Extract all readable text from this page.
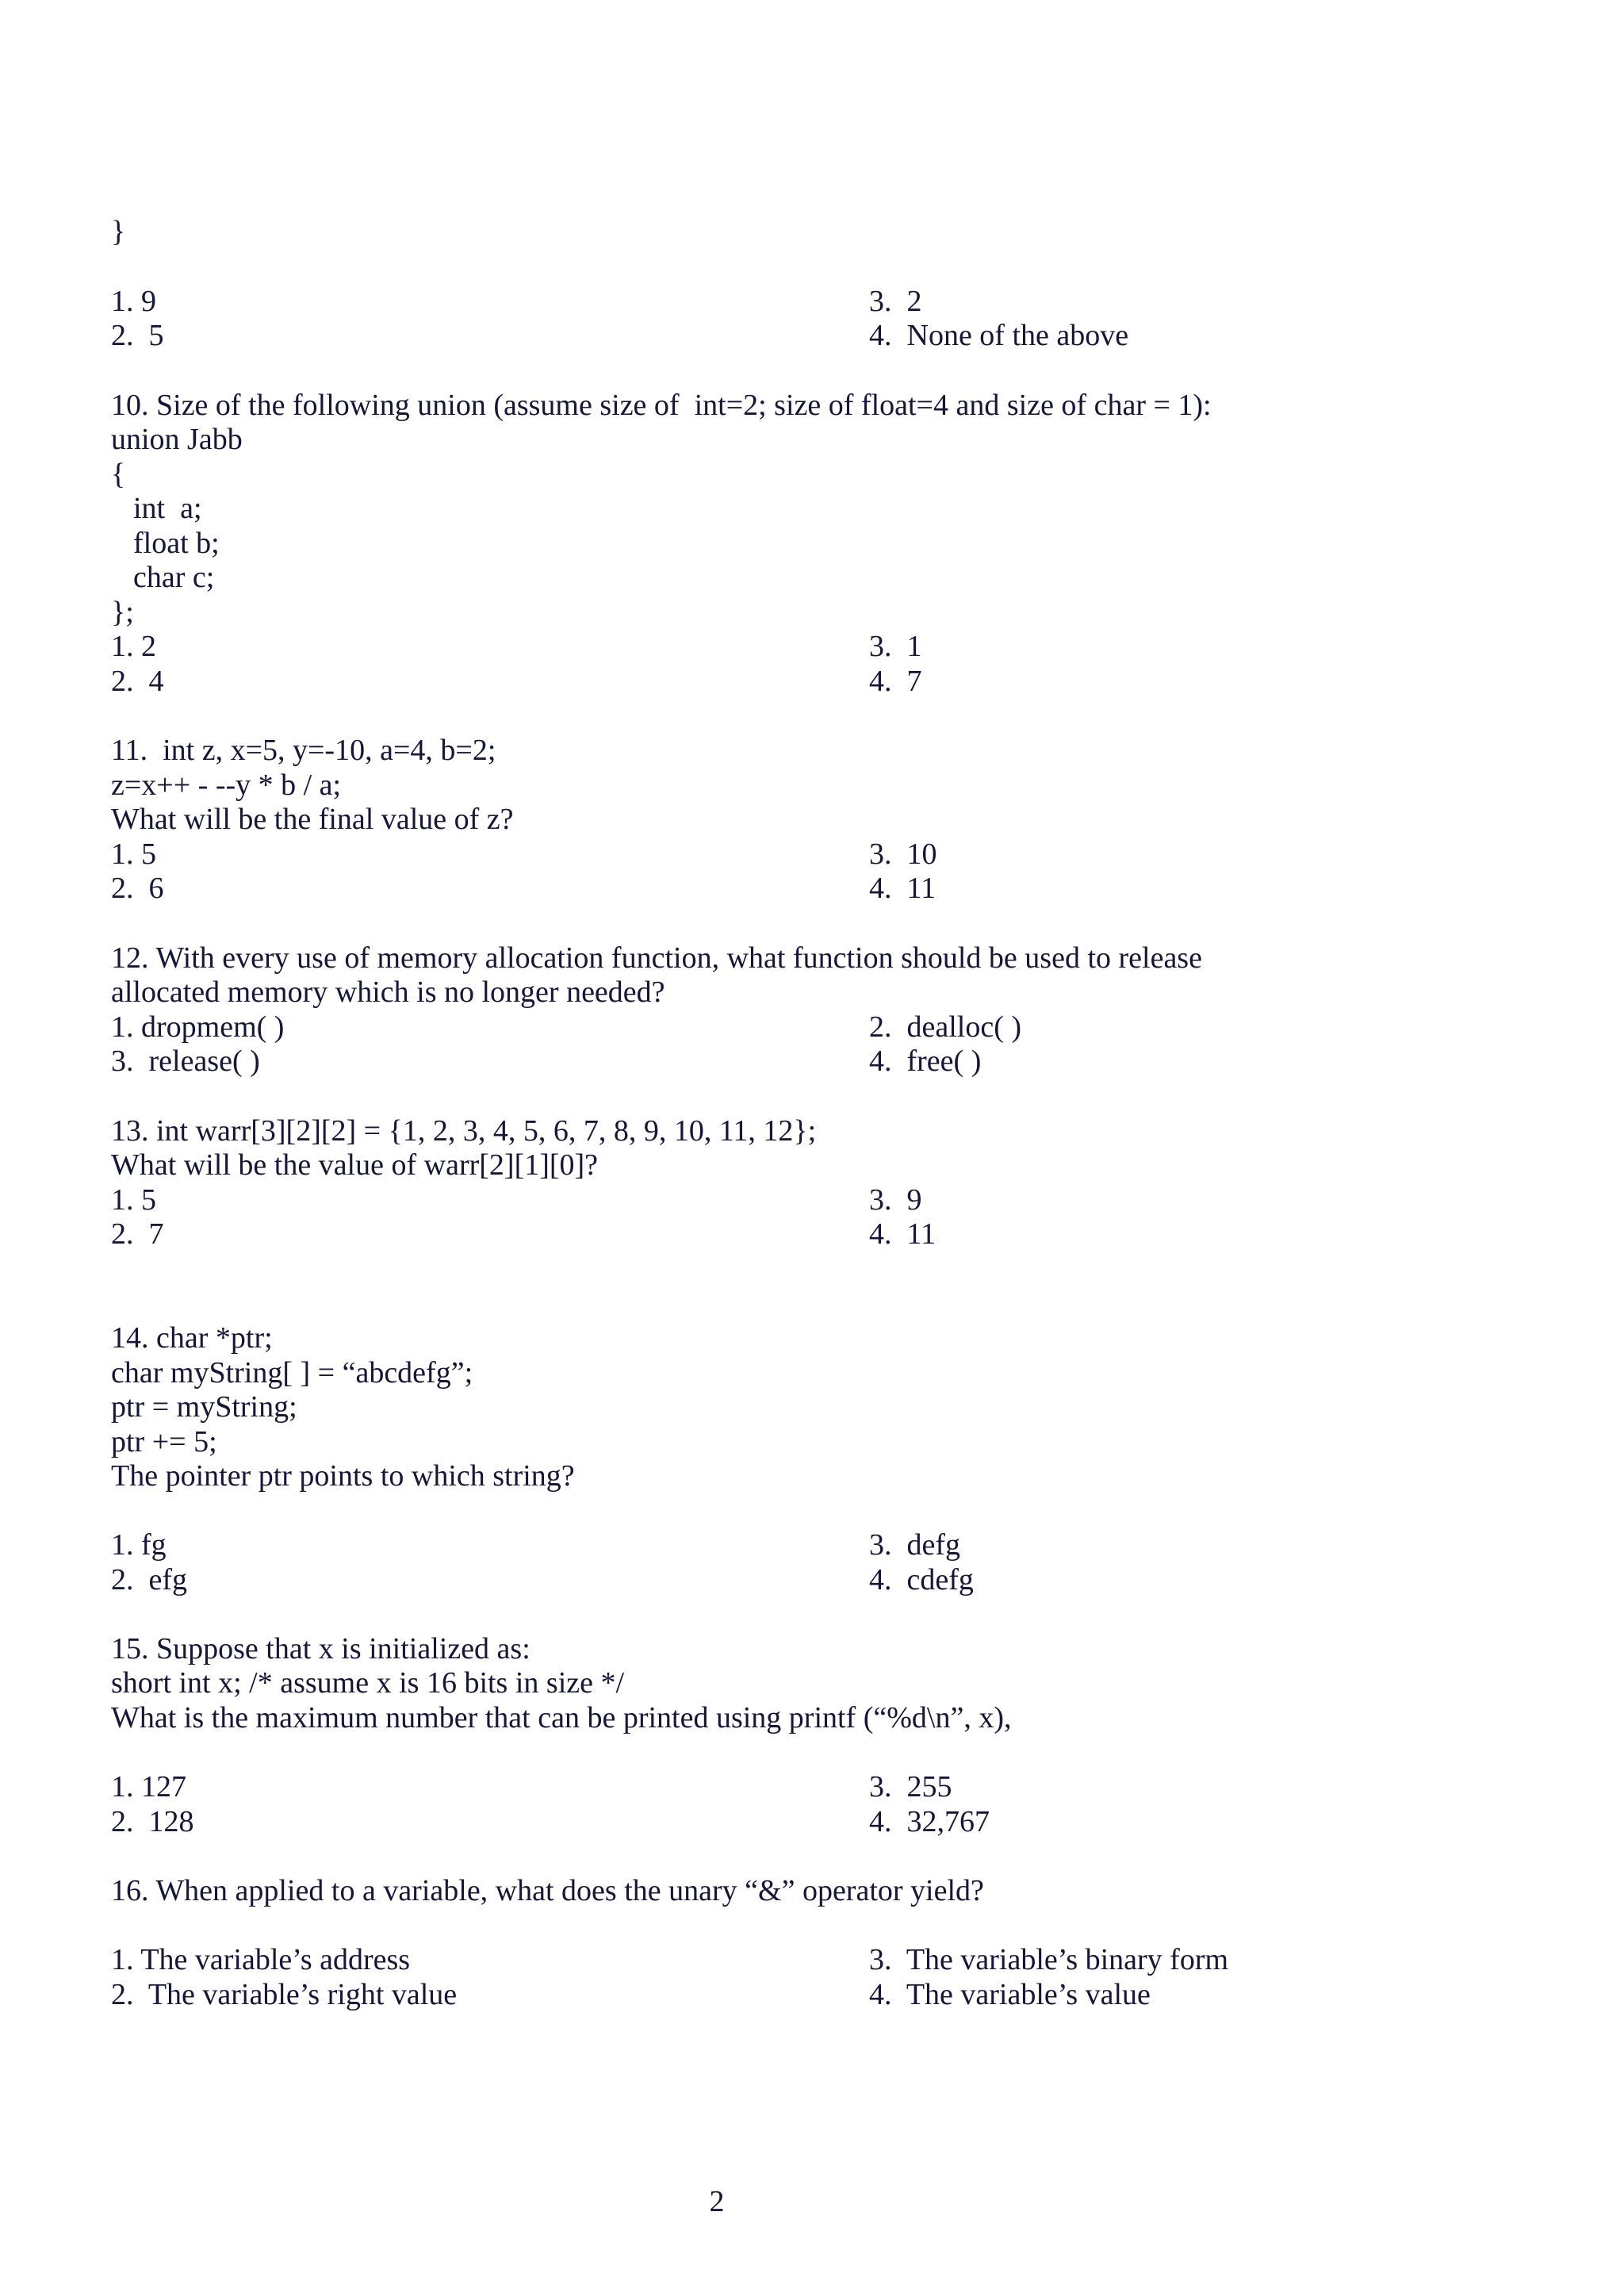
}
1. 9
2.  5
3.  2
4.  None of the above
10. Size of the following union (assume size of  int=2; size of float=4 and size of char = 1):
union Jabb
{
int  a;
float b;
char c;
};
1. 2
2.  4
3.  1
4.  7
11.  int z, x=5, y=-10, a=4, b=2;
z=x++ - --y * b / a;
What will be the final value of z?
1. 5
2.  6
3.  10
4.  11
12. With every use of memory allocation function, what function should be used to release
allocated memory which is no longer needed?
1. dropmem( )
3.  release( )
2.  dealloc( )
4.  free( )
13. int warr[3][2][2] = {1, 2, 3, 4, 5, 6, 7, 8, 9, 10, 11, 12};
What will be the value of warr[2][1][0]?
1. 5
2.  7
3.  9
4.  11
14. char *ptr;
char myString[ ] = “abcdefg”;
ptr = myString;
ptr += 5;
The pointer ptr points to which string?
1. fg
2.  efg
3.  defg
4.  cdefg
15. Suppose that x is initialized as:
short int x; /* assume x is 16 bits in size */
What is the maximum number that can be printed using printf (“%d\n”, x),
1. 127
2.  128
3.  255
4.  32,767
16. When applied to a variable, what does the unary “&” operator yield?
1. The variable’s address
2.  The variable’s right value
3.  The variable’s binary form
4.  The variable’s value
2
